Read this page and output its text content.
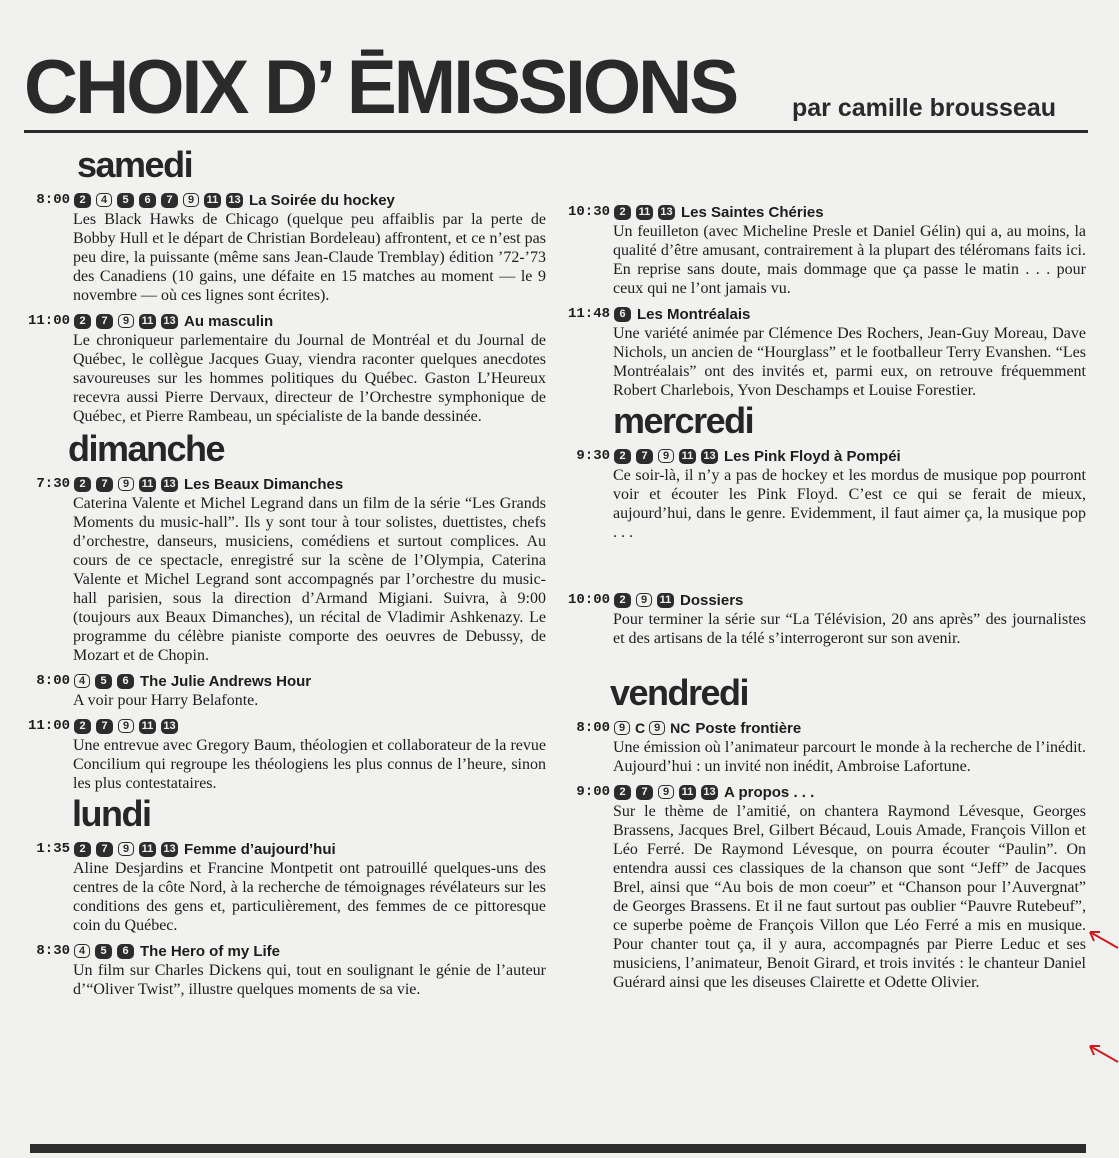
CHOIX D’ ĒMISSIONS par camille brousseau
samedi
8:00 2	4	5	6	7	9	11 13 La Soirée du hockey
Les Black Hawks de Chicago (quelque peu affaiblis par la perte de Bobby Hull et le départ de Christian Bordeleau) affrontent, et ce n’est pas peu dire, la puissante (même sans Jean-Claude Tremblay) édition ’72-’73 des Canadiens (10 gains, une défaite en 15 matches au moment — le 9 novembre — où ces lignes sont écrites).
11:00 2	7	9	11 13 Au masculin
Le chroniqueur parlementaire du Journal de Montréal et du Journal de Québec, le collègue Jacques Guay, viendra raconter quelques anecdotes savoureuses sur les hommes politiques du Québec. Gaston L’Heureux recevra aussi Pierre Dervaux, directeur de l’Orchestre symphonique de Québec, et Pierre Rambeau, un spécialiste de la bande dessinée.
dimanche
7:30 2	7	9	11 13 Les Beaux Dimanches
Caterina Valente et Michel Legrand dans un film de la série “Les Grands Moments du music-hall”. Ils y sont tour à tour solistes, duettistes, chefs d’orchestre, danseurs, musiciens, comédiens et surtout complices. Au cours de ce spectacle, enregistré sur la scène de l’Olympia, Caterina Valente et Michel Legrand sont accompagnés par l’orchestre du music-hall parisien, sous la direction d’Armand Migiani. Suivra, à 9:00 (toujours aux Beaux Dimanches), un récital de Vladimir Ashkenazy. Le programme du célèbre pianiste comporte des oeuvres de Debussy, de Mozart et de Chopin.
8:00 4	5	6 The Julie Andrews Hour
A voir pour Harry Belafonte.
11:00 2	7	9	11 13
Une entrevue avec Gregory Baum, théologien et collaborateur de la revue Concilium qui regroupe les théologiens les plus connus de l’heure, sinon les plus contestataires.
lundi
1:35 2	7	9	11 13 Femme d’aujourd’hui
Aline Desjardins et Francine Montpetit ont patrouillé quelques-uns des centres de la côte Nord, à la recherche de témoignages révélateurs sur les conditions des gens et, particulièrement, des femmes de ce pittoresque coin du Québec.
8:30 4	5	6 The Hero of my Life
Un film sur Charles Dickens qui, tout en soulignant le génie de l’auteur d’“Oliver Twist”, illustre quelques moments de sa vie.
10:30 2	11 13 Les Saintes Chéries
Un feuilleton (avec Micheline Presle et Daniel Gélin) qui a, au moins, la qualité d’être amusant, contrairement à la plupart des téléromans faits ici. En reprise sans doute, mais dommage que ça passe le matin . . . pour ceux qui ne l’ont jamais vu.
11:48 6 Les Montréalais
Une variété animée par Clémence Des Rochers, Jean-Guy Moreau, Dave Nichols, un ancien de “Hourglass” et le footballeur Terry Evanshen. “Les Montréalais” ont des invités et, parmi eux, on retrouve fréquemment Robert Charlebois, Yvon Deschamps et Louise Forestier.
mercredi
9:30 2	7	9	11 13 Les Pink Floyd à Pompéi
Ce soir-là, il n’y a pas de hockey et les mordus de musique pop pourront voir et écouter les Pink Floyd. C’est ce qui se ferait de mieux, aujourd’hui, dans le genre. Evidemment, il faut aimer ça, la musique pop . . .
10:00 2	9	11 Dossiers
Pour terminer la série sur “La Télévision, 20 ans après” des journalistes et des artisans de la télé s’interrogeront sur son avenir.
vendredi
8:00 9 C 9 NC Poste frontière
Une émission où l’animateur parcourt le monde à la recherche de l’inédit. Aujourd’hui : un invité non inédit, Ambroise Lafortune.
9:00 2	7	9	11 13 A propos . . .
Sur le thème de l’amitié, on chantera Raymond Lévesque, Georges Brassens, Jacques Brel, Gilbert Bécaud, Louis Amade, François Villon et Léo Ferré. De Raymond Lévesque, on pourra écouter “Paulin”. On entendra aussi ces classiques de la chanson que sont “Jeff” de Jacques Brel, ainsi que “Au bois de mon coeur” et “Chanson pour l’Auvergnat” de Georges Brassens. Et il ne faut surtout pas oublier “Pauvre Rutebeuf”, ce superbe poème de François Villon que Léo Ferré a mis en musique. Pour chanter tout ça, il y aura, accompagnés par Pierre Leduc et ses musiciens, l’animateur, Benoit Girard, et trois invités : le chanteur Daniel Guérard ainsi que les diseuses Clairette et Odette Olivier.
